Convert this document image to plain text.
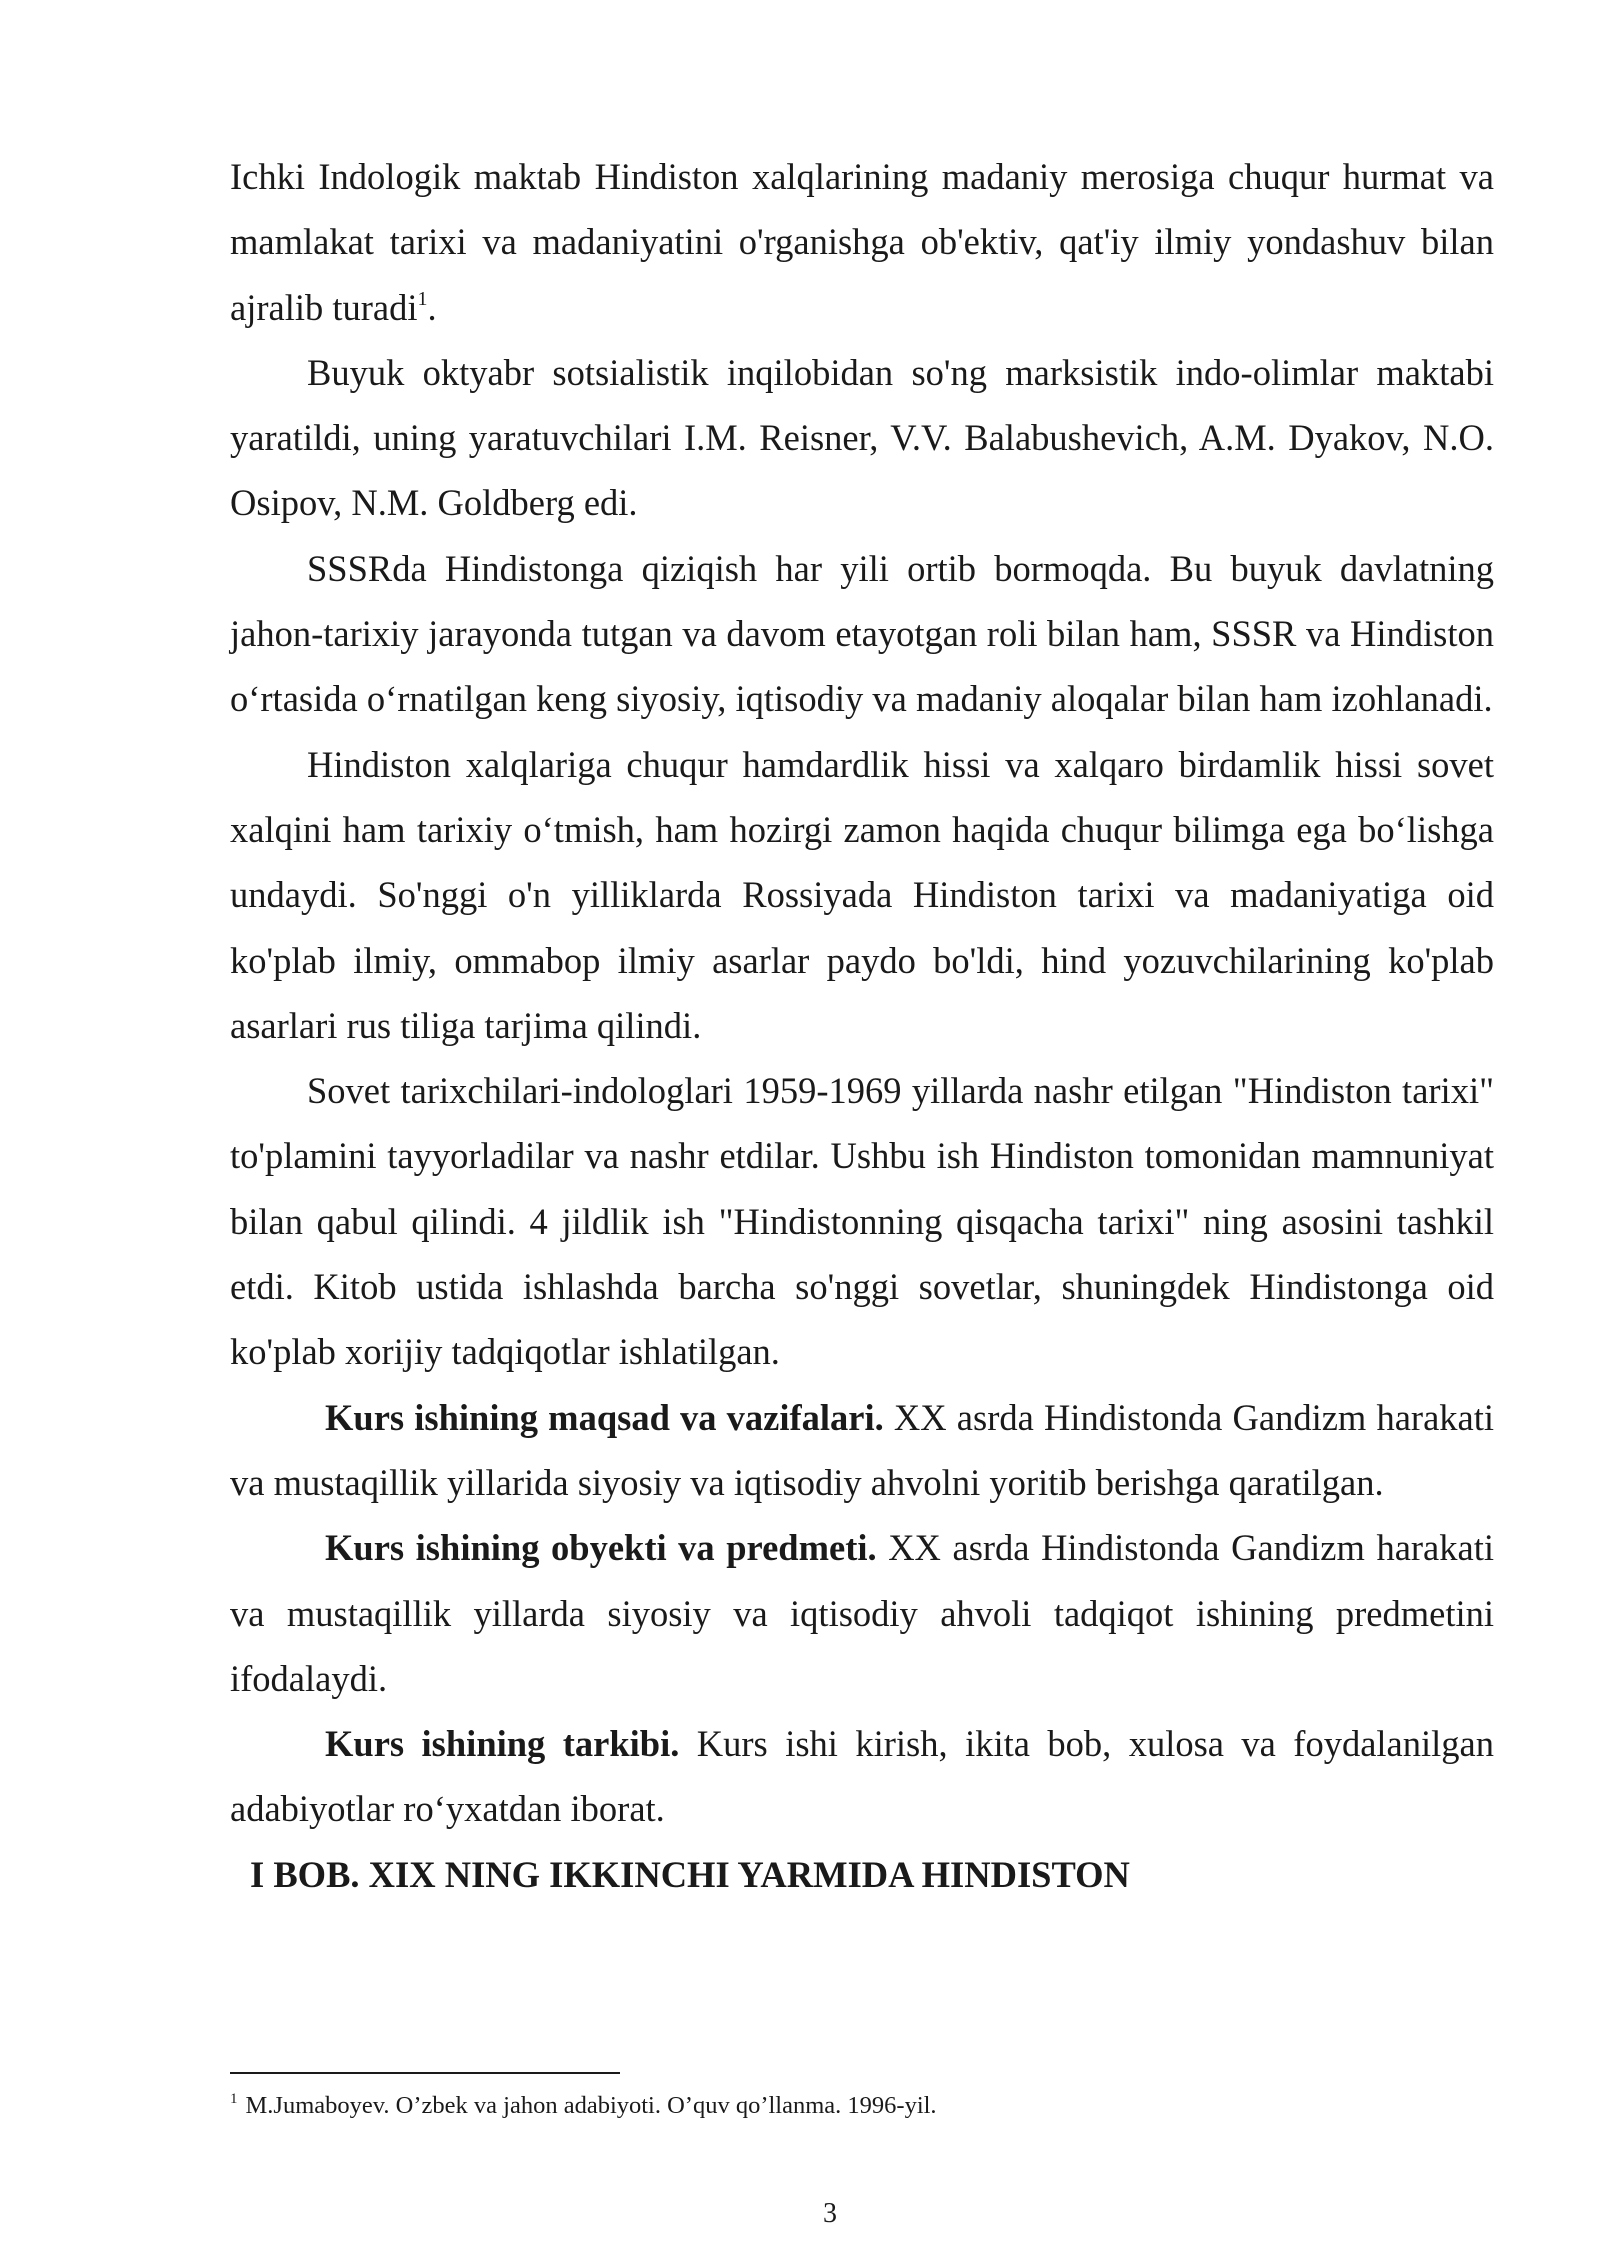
Ichki Indologik maktab Hindiston xalqlarining madaniy merosiga chuqur hurmat va mamlakat tarixi va madaniyatini o'rganishga ob'ektiv, qat'iy ilmiy yondashuv bilan ajralib turadi$^1$.

Buyuk oktyabr sotsialistik inqilobidan so'ng marksistik indo-olimlar maktabi yaratildi, uning yaratuvchilari I.M. Reisner, V.V. Balabushevich, A.M. Dyakov, N.O. Osipov, N.M. Goldberg edi.

SSSRda Hindistonga qiziqish har yili ortib bormoqda. Bu buyuk davlatning jahon-tarixiy jarayonda tutgan va davom etayotgan roli bilan ham, SSSR va Hindiston oʻrtasida oʻrnatilgan keng siyosiy, iqtisodiy va madaniy aloqalar bilan ham izohlanadi.

Hindiston xalqlariga chuqur hamdardlik hissi va xalqaro birdamlik hissi sovet xalqini ham tarixiy oʻtmish, ham hozirgi zamon haqida chuqur bilimga ega boʻlishga undaydi. So'nggi o'n yilliklarda Rossiyada Hindiston tarixi va madaniyatiga oid ko'plab ilmiy, ommabop ilmiy asarlar paydo bo'ldi, hind yozuvchilarining ko'plab asarlari rus tiliga tarjima qilindi.

Sovet tarixchilari-indologlari 1959-1969 yillarda nashr etilgan "Hindiston tarixi" to'plamini tayyorladilar va nashr etdilar. Ushbu ish Hindiston tomonidan mamnuniyat bilan qabul qilindi. 4 jildlik ish "Hindistonning qisqacha tarixi" ning asosini tashkil etdi. Kitob ustida ishlashda barcha so'nggi sovetlar, shuningdek Hindistonga oid ko'plab xorijiy tadqiqotlar ishlatilgan.

Kurs ishining maqsad va vazifalari. XX asrda Hindistonda Gandizm harakati va mustaqillik yillarida siyosiy va iqtisodiy ahvolni yoritib berishga qaratilgan.

Kurs ishining obyekti va predmeti. XX asrda Hindistonda Gandizm harakati va mustaqillik yillarda siyosiy va iqtisodiy ahvoli tadqiqot ishining predmetini ifodalaydi.

Kurs ishining tarkibi. Kurs ishi kirish, ikita bob, xulosa va foydalanilgan adabiyotlar roʻyxatdan iborat.

I BOB. XIX NING IKKINCHI YARMIDA HINDISTON

$^1$ M.Jumaboyev. O’zbek va jahon adabiyoti. O’quv qo’llanma. 1996-yil.
3
